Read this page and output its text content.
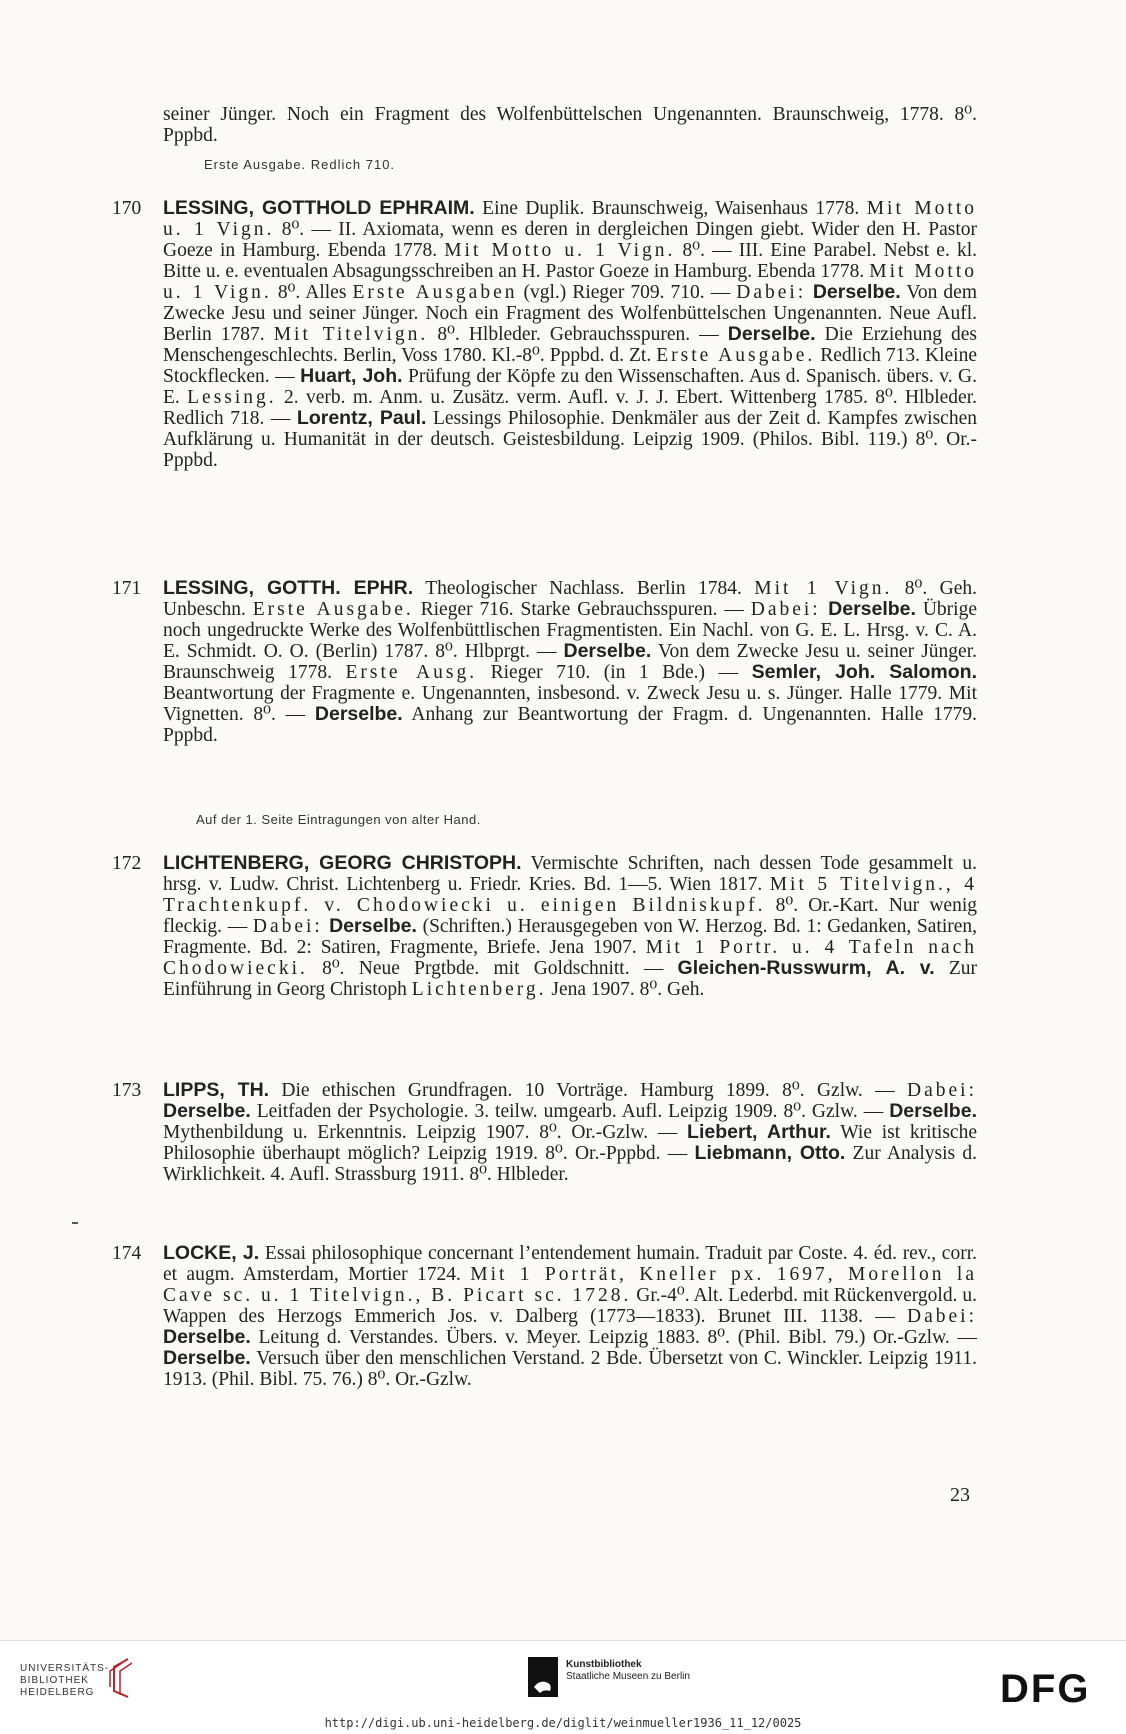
seiner Jünger. Noch ein Fragment des Wolfenbüttelschen Ungenannten. Braunschweig, 1778. 8⁰. Pppbd.
Erste Ausgabe. Redlich 710.
170 LESSING, GOTTHOLD EPHRAIM. Eine Duplik. Braunschweig, Waisenhaus 1778. Mit Motto u. 1 Vign. 8⁰. — II. Axiomata, wenn es deren in dergleichen Dingen giebt. Wider den H. Pastor Goeze in Hamburg. Ebenda 1778. Mit Motto u. 1 Vign. 8⁰. — III. Eine Parabel. Nebst e. kl. Bitte u. e. eventualen Absagungsschreiben an H. Pastor Goeze in Hamburg. Ebenda 1778. Mit Motto u. 1 Vign. 8⁰. Alles Erste Ausgaben (vgl.) Rieger 709. 710. — Dabei: Derselbe. Von dem Zwecke Jesu und seiner Jünger. Noch ein Fragment des Wolfenbüttelschen Ungenannten. Neue Aufl. Berlin 1787. Mit Titelvign. 8⁰. Hlbleder. Gebrauchsspuren. — Derselbe. Die Erziehung des Menschengeschlechts. Berlin, Voss 1780. Kl.-8⁰. Pppbd. d. Zt. Erste Ausgabe. Redlich 713. Kleine Stockflecken. — Huart, Joh. Prüfung der Köpfe zu den Wissenschaften. Aus d. Spanisch. übers. v. G. E. Lessing. 2. verb. m. Anm. u. Zusätz. verm. Aufl. v. J. J. Ebert. Wittenberg 1785. 8⁰. Hlbleder. Redlich 718. — Lorentz, Paul. Lessings Philosophie. Denkmäler aus der Zeit d. Kampfes zwischen Aufklärung u. Humanität in der deutsch. Geistesbildung. Leipzig 1909. (Philos. Bibl. 119.) 8⁰. Or.-Pppbd.
171 LESSING, GOTTH. EPHR. Theologischer Nachlass. Berlin 1784. Mit 1 Vign. 8⁰. Geh. Unbeschn. Erste Ausgabe. Rieger 716. Starke Gebrauchsspuren. — Dabei: Derselbe. Übrige noch ungedruckte Werke des Wolfenbüttlischen Fragmentisten. Ein Nachl. von G. E. L. Hrsg. v. C. A. E. Schmidt. O. O. (Berlin) 1787. 8⁰. Hlbprgt. — Derselbe. Von dem Zwecke Jesu u. seiner Jünger. Braunschweig 1778. Erste Ausg. Rieger 710. (in 1 Bde.) — Semler, Joh. Salomon. Beantwortung der Fragmente e. Ungenannten, insbesond. v. Zweck Jesu u. s. Jünger. Halle 1779. Mit Vignetten. 8⁰. — Derselbe. Anhang zur Beantwortung der Fragm. d. Ungenannten. Halle 1779. Pppbd.
Auf der 1. Seite Eintragungen von alter Hand.
172 LICHTENBERG, GEORG CHRISTOPH. Vermischte Schriften, nach dessen Tode gesammelt u. hrsg. v. Ludw. Christ. Lichtenberg u. Friedr. Kries. Bd. 1—5. Wien 1817. Mit 5 Titelvign., 4 Trachtenkupf. v. Chodowiecki u. einigen Bildniskupf. 8⁰. Or.-Kart. Nur wenig fleckig. — Dabei: Derselbe. (Schriften.) Herausgegeben von W. Herzog. Bd. 1: Gedanken, Satiren, Fragmente. Bd. 2: Satiren, Fragmente, Briefe. Jena 1907. Mit 1 Portr. u. 4 Tafeln nach Chodowiecki. 8⁰. Neue Prgtbde. mit Goldschnitt. — Gleichen-Russwurm, A. v. Zur Einführung in Georg Christoph Lichtenberg. Jena 1907. 8⁰. Geh.
173 LIPPS, TH. Die ethischen Grundfragen. 10 Vorträge. Hamburg 1899. 8⁰. Gzlw. — Dabei: Derselbe. Leitfaden der Psychologie. 3. teilw. umgearb. Aufl. Leipzig 1909. 8⁰. Gzlw. — Derselbe. Mythenbildung u. Erkenntnis. Leipzig 1907. 8⁰. Or.-Gzlw. — Liebert, Arthur. Wie ist kritische Philosophie überhaupt möglich? Leipzig 1919. 8⁰. Or.-Pppbd. — Liebmann, Otto. Zur Analysis d. Wirklichkeit. 4. Aufl. Strassburg 1911. 8⁰. Hlbleder.
174 LOCKE, J. Essai philosophique concernant l’entendement humain. Traduit par Coste. 4. éd. rev., corr. et augm. Amsterdam, Mortier 1724. Mit 1 Porträt, Kneller px. 1697, Morellon la Cave sc. u. 1 Titelvign., B. Picart sc. 1728. Gr.-4⁰. Alt. Lederbd. mit Rückenvergold. u. Wappen des Herzogs Emmerich Jos. v. Dalberg (1773—1833). Brunet III. 1138. — Dabei: Derselbe. Leitung d. Verstandes. Übers. v. Meyer. Leipzig 1883. 8⁰. (Phil. Bibl. 79.) Or.-Gzlw. — Derselbe. Versuch über den menschlichen Verstand. 2 Bde. Übersetzt von C. Winckler. Leipzig 1911. 1913. (Phil. Bibl. 75. 76.) 8⁰. Or.-Gzlw.
23
UNIVERSITÄTS-
BIBLIOTHEK
HEIDELBERG
Kunstbibliothek
Staatliche Museen zu Berlin	DFG
http://digi.ub.uni-heidelberg.de/diglit/weinmueller1936_11_12/0025
